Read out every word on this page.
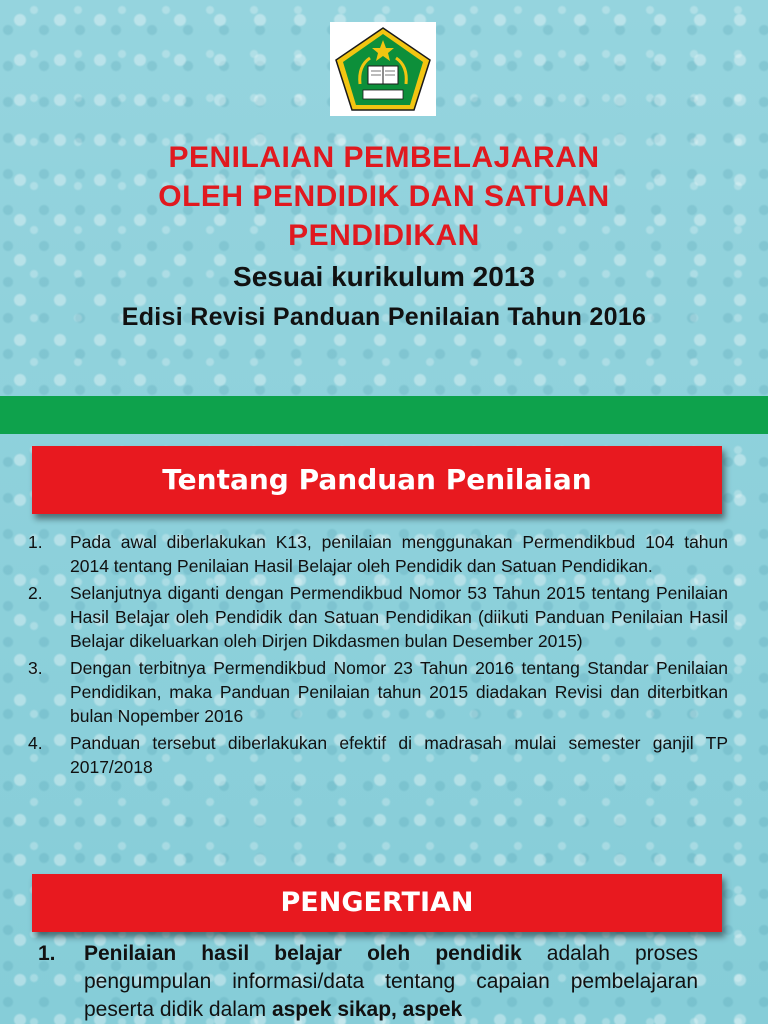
PENILAIAN PEMBELAJARAN
OLEH PENDIDIK DAN SATUAN
PENDIDIKAN
Sesuai kurikulum 2013
Edisi Revisi Panduan Penilaian Tahun 2016
Tentang Panduan Penilaian
1. Pada awal diberlakukan K13, penilaian menggunakan Permendikbud 104 tahun 2014 tentang Penilaian Hasil Belajar oleh Pendidik dan Satuan Pendidikan.
2. Selanjutnya diganti dengan Permendikbud Nomor 53 Tahun 2015 tentang Penilaian Hasil Belajar oleh Pendidik dan Satuan Pendidikan (diikuti Panduan Penilaian Hasil Belajar dikeluarkan oleh Dirjen Dikdasmen bulan Desember 2015)
3. Dengan terbitnya Permendikbud Nomor 23 Tahun 2016 tentang Standar Penilaian Pendidikan, maka Panduan Penilaian tahun 2015 diadakan Revisi dan diterbitkan bulan Nopember 2016
4. Panduan tersebut diberlakukan efektif di madrasah mulai semester ganjil TP 2017/2018
PENGERTIAN
1. Penilaian hasil belajar oleh pendidik adalah proses pengumpulan informasi/data tentang capaian pembelajaran peserta didik dalam aspek sikap, aspek
